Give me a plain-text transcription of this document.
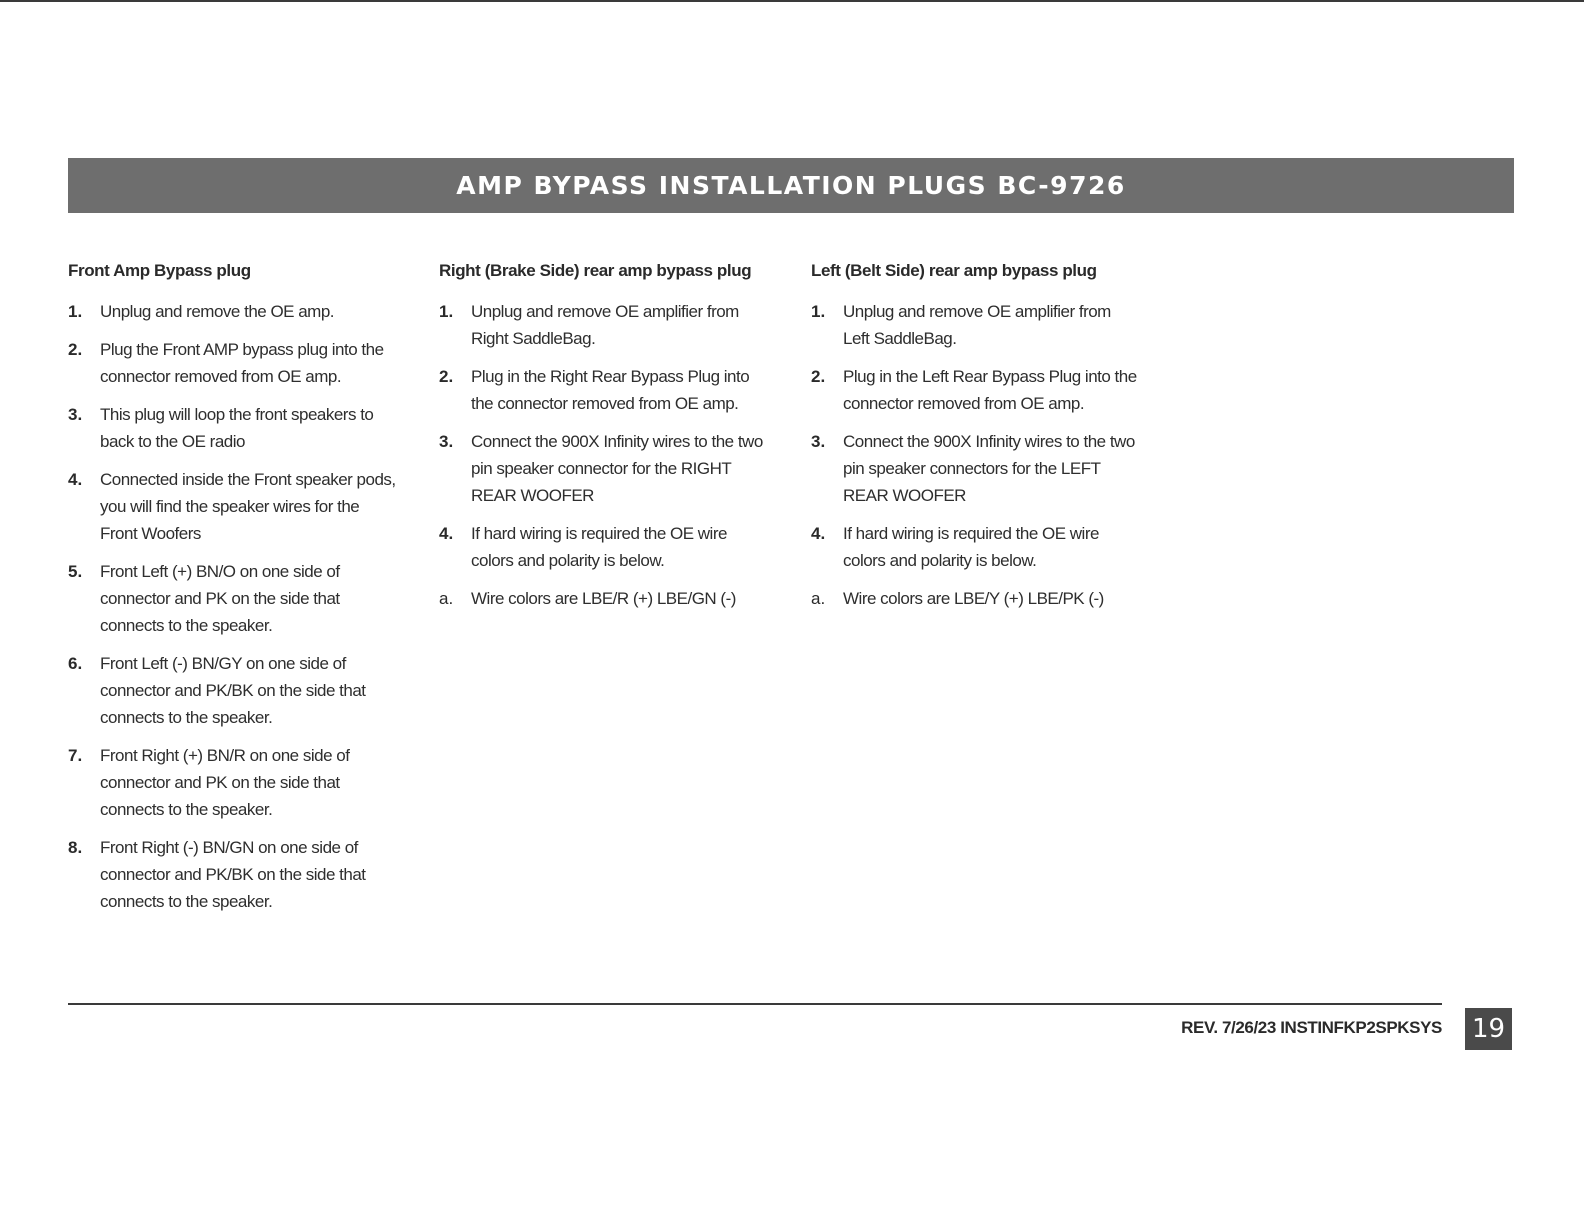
AMP BYPASS INSTALLATION PLUGS BC-9726
Front Amp Bypass plug
1.	Unplug and remove the OE amp.
2.	Plug the Front AMP bypass plug into the connector removed from OE amp.
3.	This plug will loop the front speakers to back to the OE radio
4.	Connected inside the Front speaker pods, you will find the speaker wires for the Front Woofers
5.	Front Left (+) BN/O on one side of connector and PK on the side that connects to the speaker.
6.	Front Left (-) BN/GY on one side of connector and PK/BK on the side that connects to the speaker.
7.	Front Right (+) BN/R on one side of connector and PK on the side that connects to the speaker.
8.	Front Right (-) BN/GN on one side of connector and PK/BK on the side that connects to the speaker.
Right (Brake Side) rear amp bypass plug
1.	Unplug and remove OE amplifier from Right SaddleBag.
2.	Plug in the Right Rear Bypass Plug into the connector removed from OE amp.
3.	Connect the 900X Infinity wires to the two pin speaker connector for the RIGHT REAR WOOFER
4.	If hard wiring is required the OE wire colors and polarity is below.
a.	Wire colors are LBE/R (+) LBE/GN (-)
Left (Belt Side) rear amp bypass plug
1.	Unplug and remove OE amplifier from Left SaddleBag.
2.	Plug in the Left Rear Bypass Plug into the connector removed from OE amp.
3.	Connect the 900X Infinity wires to the two pin speaker connectors for the LEFT REAR WOOFER
4.	If hard wiring is required the OE wire colors and polarity is below.
a.	Wire colors are LBE/Y (+) LBE/PK (-)
REV. 7/26/23 INSTINFKP2SPKSYS 19
